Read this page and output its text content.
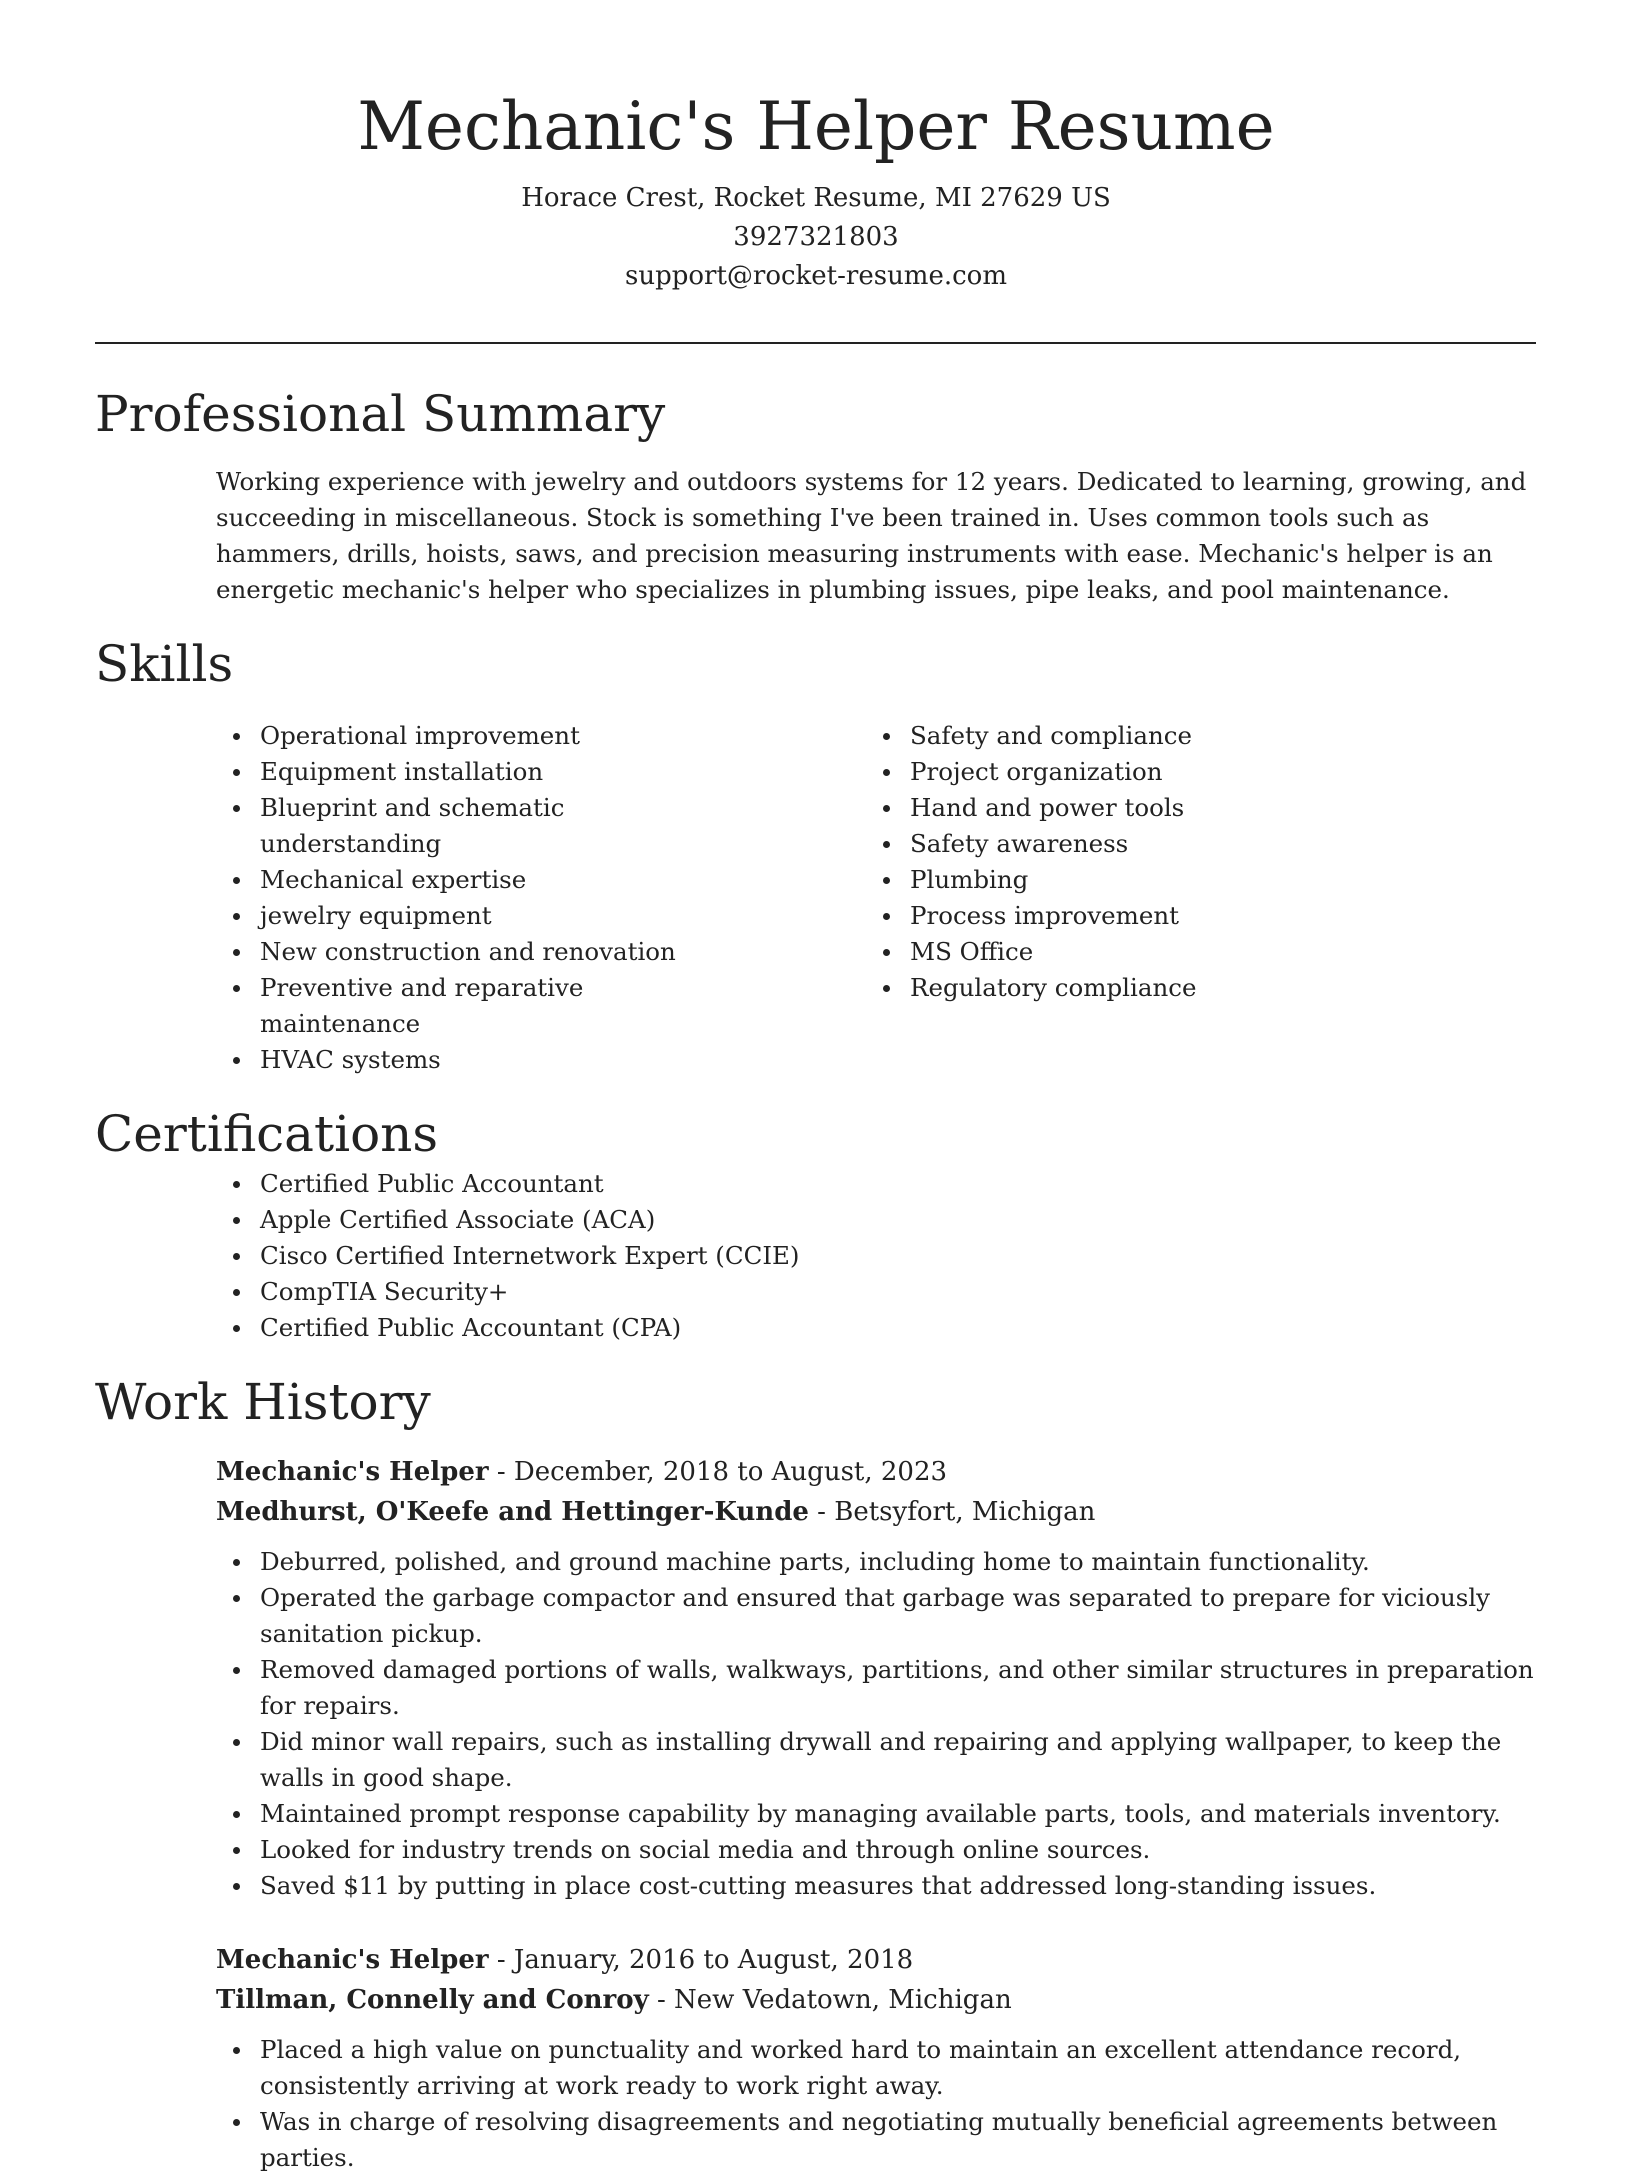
Mechanic's Helper Resume
Horace Crest, Rocket Resume, MI 27629 US
3927321803
support@rocket-resume.com
Professional Summary

Working experience with jewelry and outdoors systems for 12 years. Dedicated to learning, growing, and succeeding in miscellaneous. Stock is something I've been trained in. Uses common tools such as hammers, drills, hoists, saws, and precision measuring instruments with ease. Mechanic's helper is an energetic mechanic's helper who specializes in plumbing issues, pipe leaks, and pool maintenance.

Skills
Operational improvement
Equipment installation
Blueprint and schematic understanding
Mechanical expertise
jewelry equipment
New construction and renovation
Preventive and reparative maintenance
HVAC systems
Safety and compliance
Project organization
Hand and power tools
Safety awareness
Plumbing
Process improvement
MS Office
Regulatory compliance
Certifications
Certified Public Accountant
Apple Certified Associate (ACA)
Cisco Certified Internetwork Expert (CCIE)
CompTIA Security+
Certified Public Accountant (CPA)
Work History
Mechanic's Helper - December, 2018 to August, 2023
Medhurst, O'Keefe and Hettinger-Kunde - Betsyfort, Michigan
Deburred, polished, and ground machine parts, including home to maintain functionality.
Operated the garbage compactor and ensured that garbage was separated to prepare for viciously sanitation pickup.
Removed damaged portions of walls, walkways, partitions, and other similar structures in preparation for repairs.
Did minor wall repairs, such as installing drywall and repairing and applying wallpaper, to keep the walls in good shape.
Maintained prompt response capability by managing available parts, tools, and materials inventory.
Looked for industry trends on social media and through online sources.
Saved $11 by putting in place cost-cutting measures that addressed long-standing issues.
Mechanic's Helper - January, 2016 to August, 2018
Tillman, Connelly and Conroy - New Vedatown, Michigan
Placed a high value on punctuality and worked hard to maintain an excellent attendance record, consistently arriving at work ready to work right away.
Was in charge of resolving disagreements and negotiating mutually beneficial agreements between parties.
